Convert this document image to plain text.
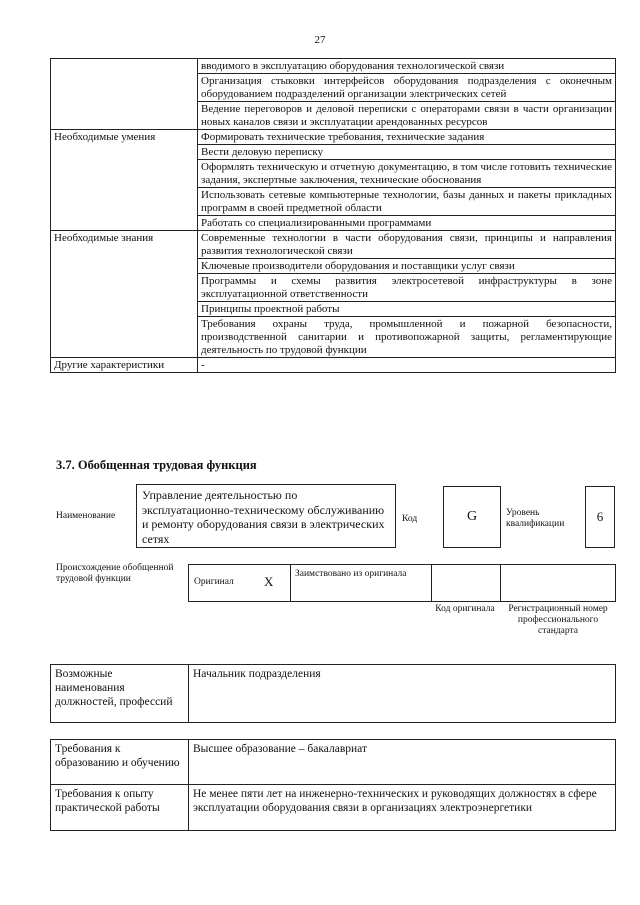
27
	вводимого в эксплуатацию оборудования технологической связи
	Организация стыковки интерфейсов оборудования подразделения с оконечным оборудованием подразделений организации электрических сетей
	Ведение переговоров и деловой переписки с операторами связи в части организации новых каналов связи и эксплуатации арендованных ресурсов
Необходимые умения	Формировать технические требования, технические задания
	Вести деловую переписку
	Оформлять техническую и отчетную документацию, в том числе готовить технические задания, экспертные заключения, технические обоснования
	Использовать сетевые компьютерные технологии, базы данных и пакеты прикладных программ в своей предметной области
	Работать со специализированными программами
Необходимые знания	Современные технологии в части оборудования связи, принципы и направления развития технологической связи
	Ключевые производители оборудования и поставщики услуг связи
	Программы и схемы развития электросетевой инфраструктуры в зоне эксплуатационной ответственности
	Принципы проектной работы
	Требования охраны труда, промышленной и пожарной безопасности, производственной санитарии и противопожарной защиты, регламентирующие деятельность по трудовой функции
Другие характеристики	-
3.7. Обобщенная трудовая функция
Наименование
Управление деятельностью по эксплуатационно-техническому обслуживанию и ремонту оборудования связи в электрических сетях
Код	G	Уровень квалификации	6
Происхождение обобщенной трудовой функции	Оригинал X Заимствовано из оригинала
Код оригинала	Регистрационный номер профессионального стандарта
Возможные наименования должностей, профессий	Начальник подразделения
Требования к образованию и обучению	Высшее образование – бакалавриат
Требования к опыту практической работы	Не менее пяти лет на инженерно-технических и руководящих должностях в сфере эксплуатации оборудования связи в организациях электроэнергетики
